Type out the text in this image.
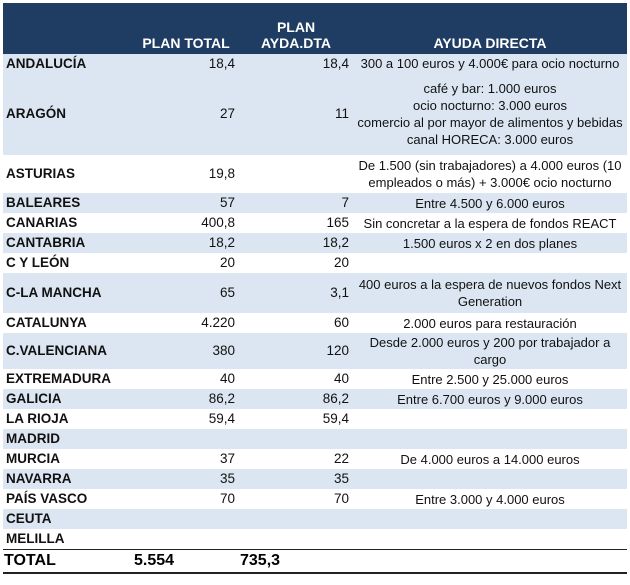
	PLAN TOTAL	PLAN AYDA.DTA	AYUDA DIRECTA
ANDALUCÍA	18,4	18,4	300 a 100 euros y 4.000€ para ocio nocturno

ARAGÓN	27	11	café y bar: 1.000 euros
ocio nocturno: 3.000 euros
comercio al por mayor de alimentos y bebidas
canal HORECA: 3.000 euros

ASTURIAS	19,8		De 1.500 (sin trabajadores) a 4.000 euros (10
empleados o más) + 3.000€ ocio nocturno

BALEARES	57	7	Entre 4.500 y 6.000 euros

CANARIAS	400,8	165	Sin concretar a la espera de fondos REACT

CANTABRIA	18,2	18,2	1.500 euros x 2 en dos planes

C Y LEÓN	20	20	
C-LA MANCHA	65	3,1	400 euros a la espera de nuevos fondos Next
Generation

CATALUNYA	4.220	60	2.000 euros para restauración

C.VALENCIANA	380	120	Desde 2.000 euros y 200 por trabajador a cargo

EXTREMADURA	40	40	Entre 2.500 y 25.000 euros

GALICIA	86,2	86,2	Entre 6.700 euros y 9.000 euros

LA RIOJA	59,4	59,4	
MADRID			
MURCIA	37	22	De 4.000 euros a 14.000 euros

NAVARRA	35	35	
PAÍS VASCO	70	70	Entre 3.000 y 4.000 euros

CEUTA			
MELILLA			
TOTAL	5.554	735,3	
